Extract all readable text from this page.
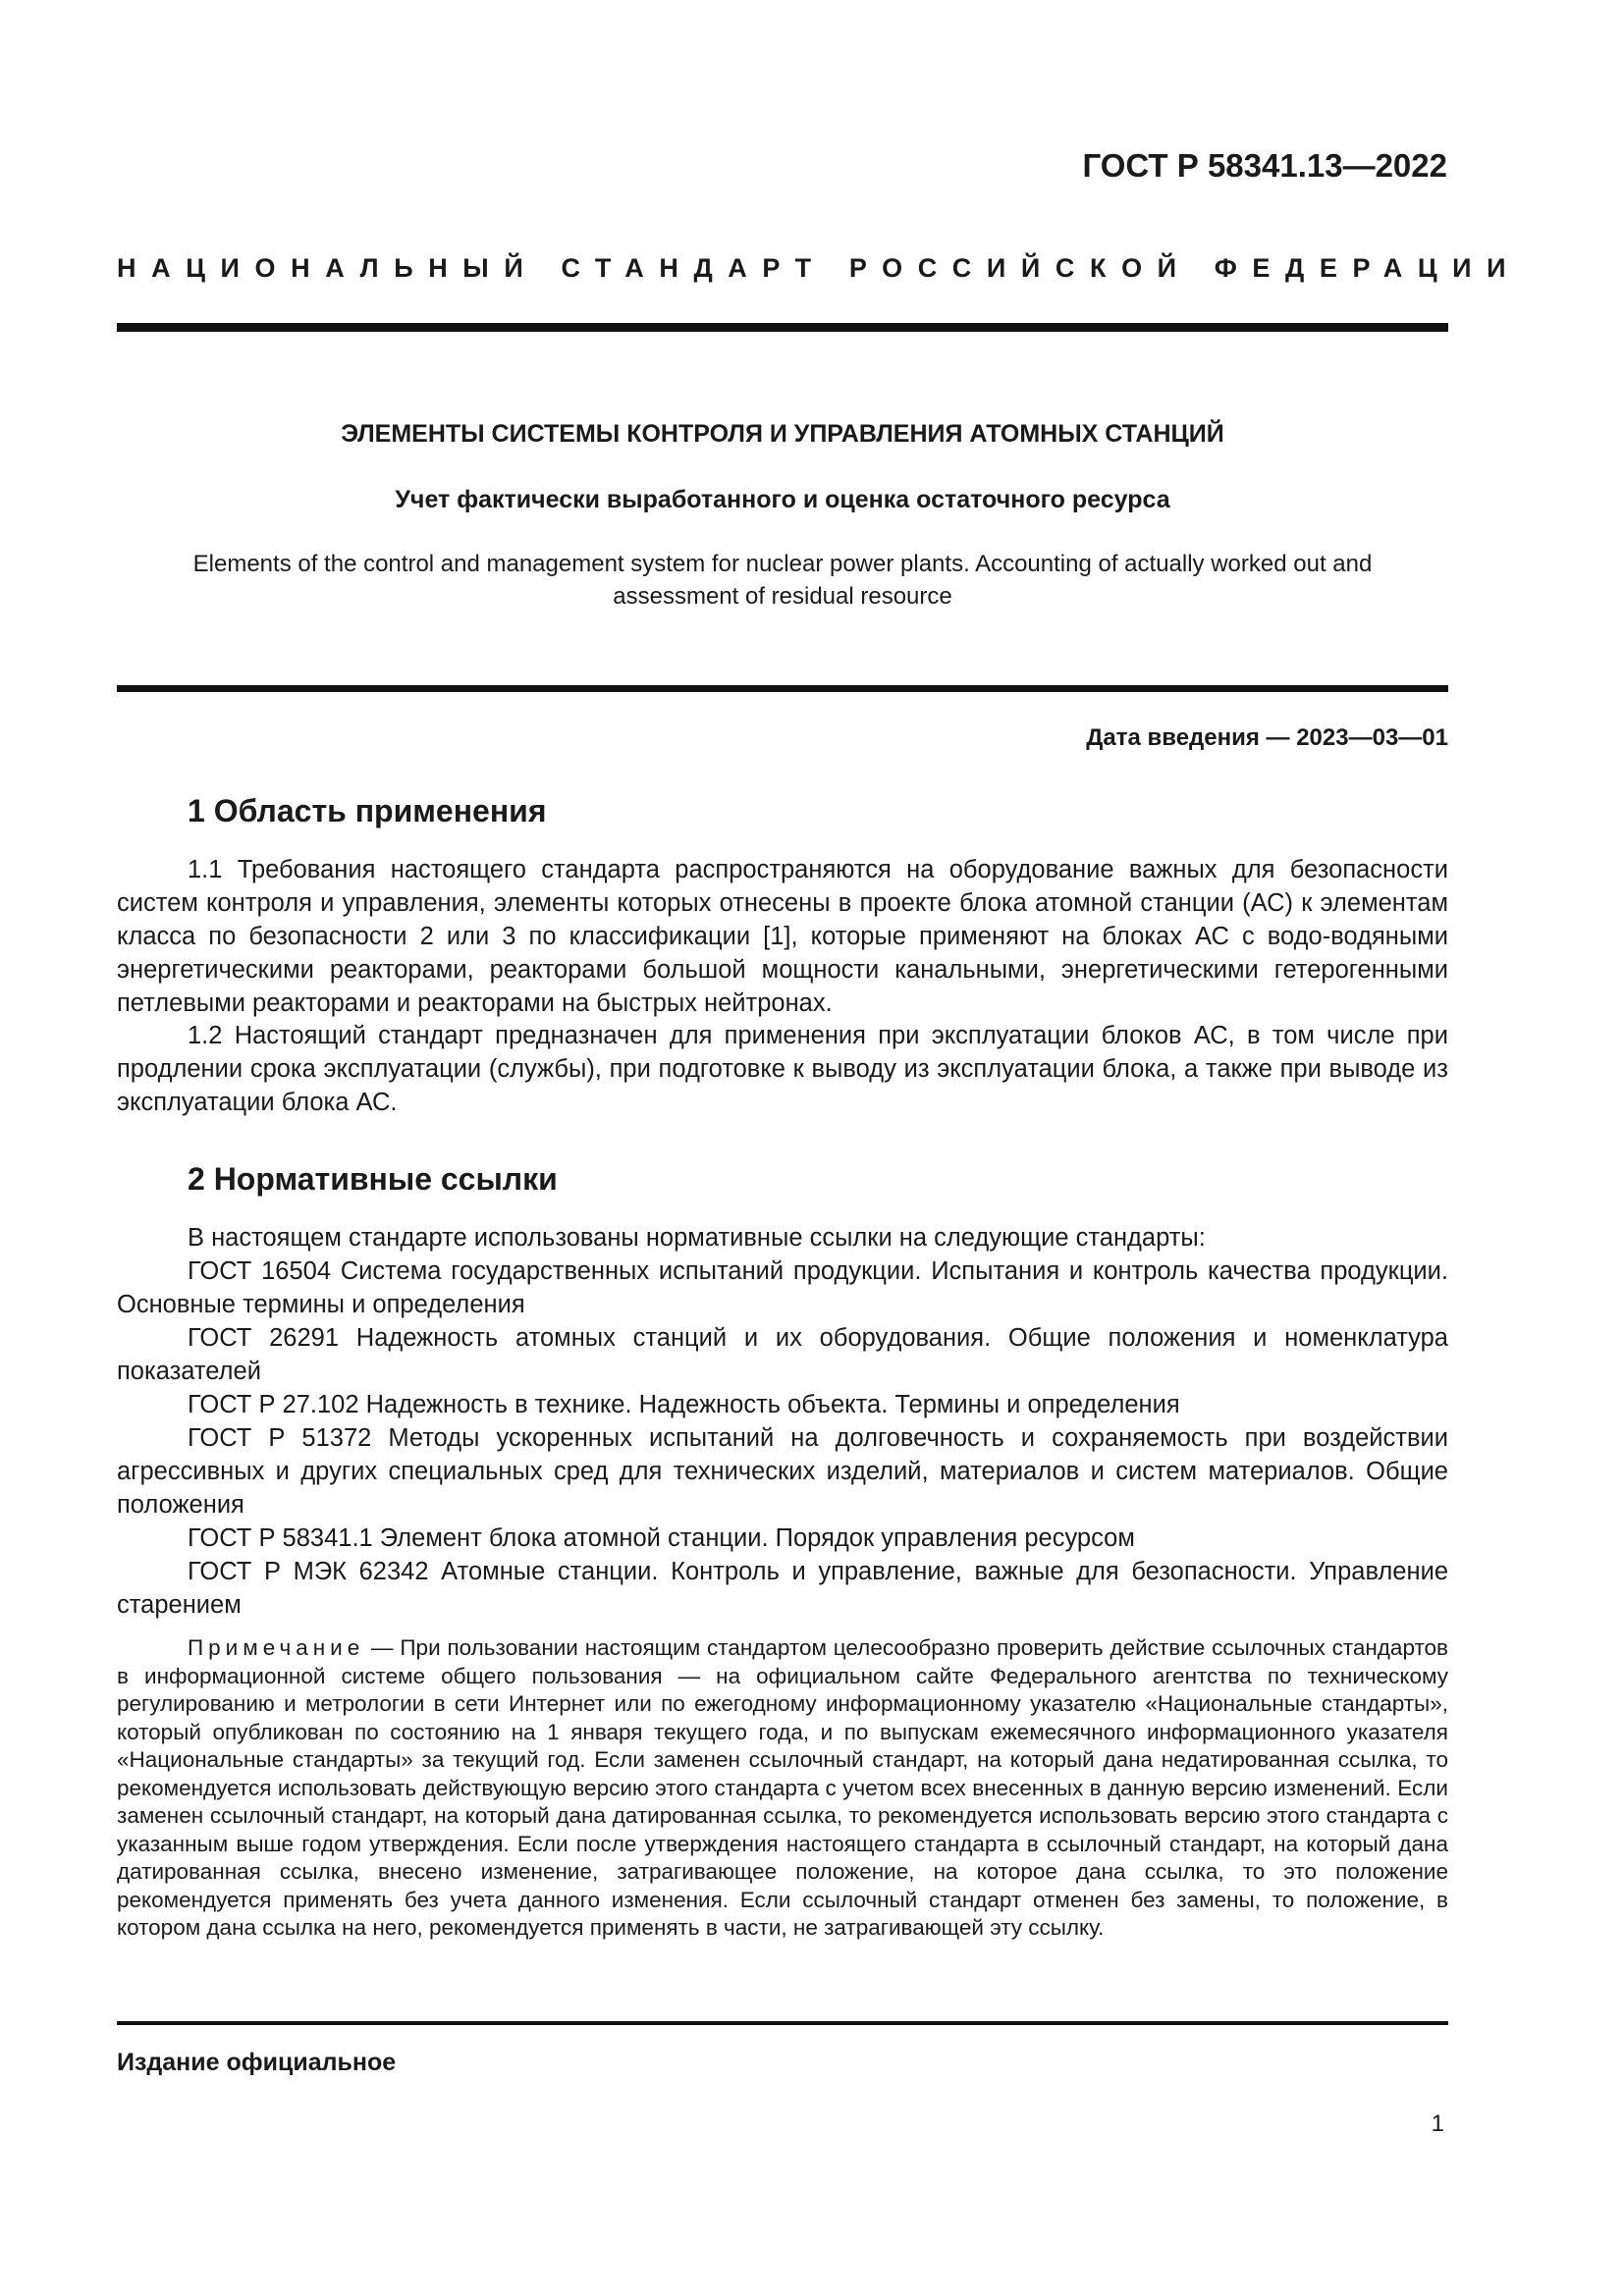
ГОСТ Р 58341.13—2022
НАЦИОНАЛЬНЫЙ СТАНДАРТ РОССИЙСКОЙ ФЕДЕРАЦИИ
ЭЛЕМЕНТЫ СИСТЕМЫ КОНТРОЛЯ И УПРАВЛЕНИЯ АТОМНЫХ СТАНЦИЙ
Учет фактически выработанного и оценка остаточного ресурса
Elements of the control and management system for nuclear power plants. Accounting of actually worked out and
assessment of residual resource
Дата введения — 2023—03—01
1 Область применения
1.1 Требования настоящего стандарта распространяются на оборудование важных для безопасности систем контроля и управления, элементы которых отнесены в проекте блока атомной станции (АС) к элементам класса по безопасности 2 или 3 по классификации [1], которые применяют на блоках АС с водо-водяными энергетическими реакторами, реакторами большой мощности канальными, энергетическими гетерогенными петлевыми реакторами и реакторами на быстрых нейтронах.
1.2 Настоящий стандарт предназначен для применения при эксплуатации блоков АС, в том числе при продлении срока эксплуатации (службы), при подготовке к выводу из эксплуатации блока, а также при выводе из эксплуатации блока АС.
2 Нормативные ссылки
В настоящем стандарте использованы нормативные ссылки на следующие стандарты:
ГОСТ 16504 Система государственных испытаний продукции. Испытания и контроль качества продукции. Основные термины и определения
ГОСТ 26291 Надежность атомных станций и их оборудования. Общие положения и номенклатура показателей
ГОСТ Р 27.102 Надежность в технике. Надежность объекта. Термины и определения
ГОСТ Р 51372 Методы ускоренных испытаний на долговечность и сохраняемость при воздействии агрессивных и других специальных сред для технических изделий, материалов и систем материалов. Общие положения
ГОСТ Р 58341.1 Элемент блока атомной станции. Порядок управления ресурсом
ГОСТ Р МЭК 62342 Атомные станции. Контроль и управление, важные для безопасности. Управление старением
Примечание — При пользовании настоящим стандартом целесообразно проверить действие ссылочных стандартов в информационной системе общего пользования — на официальном сайте Федерального агентства по техническому регулированию и метрологии в сети Интернет или по ежегодному информационному указателю «Национальные стандарты», который опубликован по состоянию на 1 января текущего года, и по выпускам ежемесячного информационного указателя «Национальные стандарты» за текущий год. Если заменен ссылочный стандарт, на который дана недатированная ссылка, то рекомендуется использовать действующую версию этого стандарта с учетом всех внесенных в данную версию изменений. Если заменен ссылочный стандарт, на который дана датированная ссылка, то рекомендуется использовать версию этого стандарта с указанным выше годом утверждения. Если после утверждения настоящего стандарта в ссылочный стандарт, на который дана датированная ссылка, внесено изменение, затрагивающее положение, на которое дана ссылка, то это положение рекомендуется применять без учета данного изменения. Если ссылочный стандарт отменен без замены, то положение, в котором дана ссылка на него, рекомендуется применять в части, не затрагивающей эту ссылку.
Издание официальное
1
